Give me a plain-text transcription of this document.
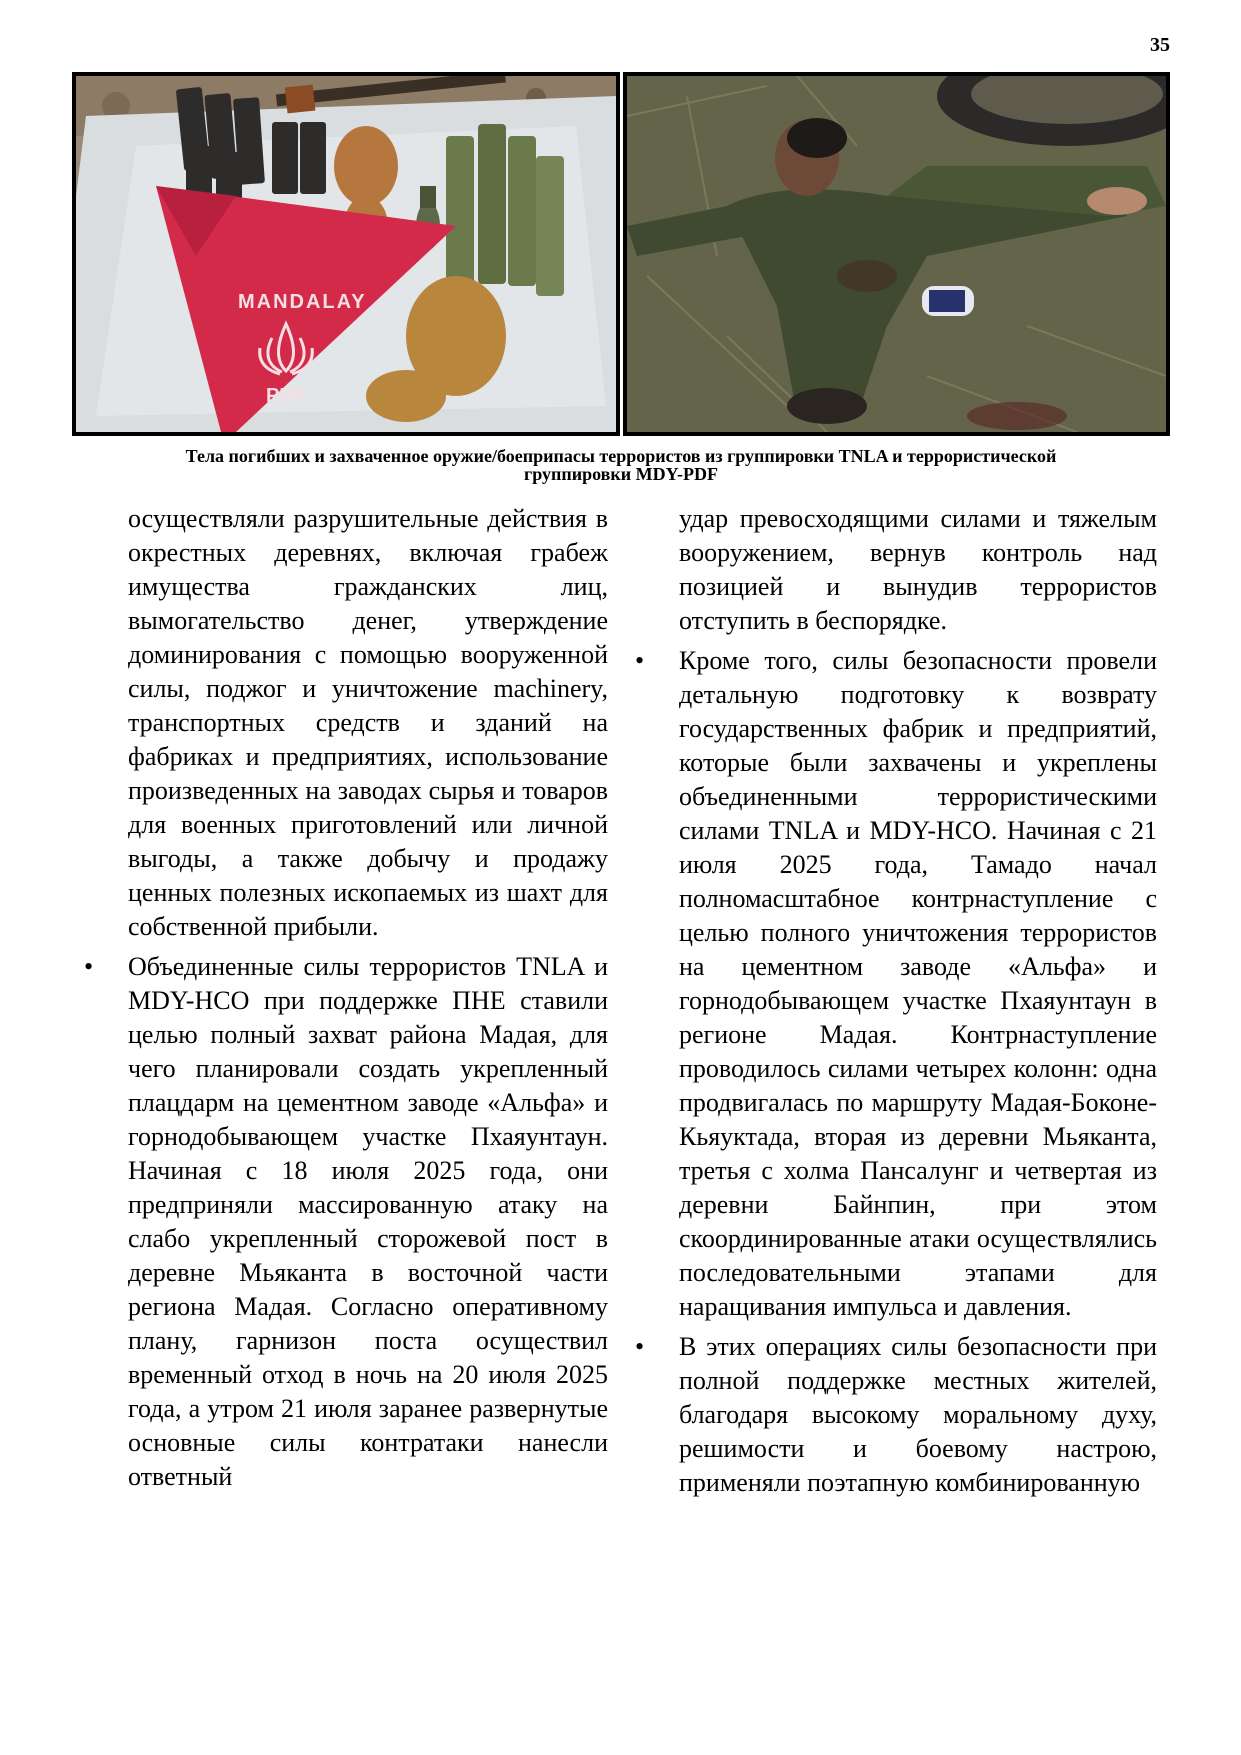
35
MANDALAY
PDF
Тела погибших и захваченное оружие/боеприпасы террористов из группировки TNLA и террористической
группировки MDY-PDF

осуществляли разрушительные действия в окрестных деревнях, включая грабеж имущества гражданских лиц, вымогательство денег, утверждение доминирования с помощью вооруженной силы, поджог и уничтожение machinery, транспортных средств и зданий на фабриках и предприятиях, использование произведенных на заводах сырья и товаров для военных приготовлений или личной выгоды, а также добычу и продажу ценных полезных ископаемых из шахт для собственной прибыли.

•	Объединенные силы террористов TNLA и MDY-HCO при поддержке ПНЕ ставили целью полный захват района Мадая, для чего планировали создать укрепленный плацдарм на цементном заводе «Альфа» и горнодобывающем участке Пхаяунтаун. Начиная с 18 июля 2025 года, они предприняли массированную атаку на слабо укрепленный сторожевой пост в деревне Мьяканта в восточной части региона Мадая. Согласно оперативному плану, гарнизон поста осуществил временный отход в ночь на 20 июля 2025 года, а утром 21 июля заранее развернутые основные силы контратаки нанесли ответный

удар превосходящими силами и тяжелым вооружением, вернув контроль над позицией и вынудив террористов отступить в беспорядке.

•	Кроме того, силы безопасности провели детальную подготовку к возврату государственных фабрик и предприятий, которые были захвачены и укреплены объединенными террористическими силами TNLA и MDY-HCO. Начиная с 21 июля 2025 года, Тамадо начал полномасштабное контрнаступление с целью полного уничтожения террористов на цементном заводе «Альфа» и горнодобывающем участке Пхаяунтаун в регионе Мадая. Контрнаступление проводилось силами четырех колонн: одна продвигалась по маршруту Мадая-Боконе-Кьяуктада, вторая из деревни Мьяканта, третья с холма Пансалунг и четвертая из деревни Байнпин, при этом скоординированные атаки осуществлялись последовательными этапами для наращивания импульса и давления.

•	В этих операциях силы безопасности при полной поддержке местных жителей, благодаря высокому моральному духу, решимости и боевому настрою, применяли поэтапную комбинированную
